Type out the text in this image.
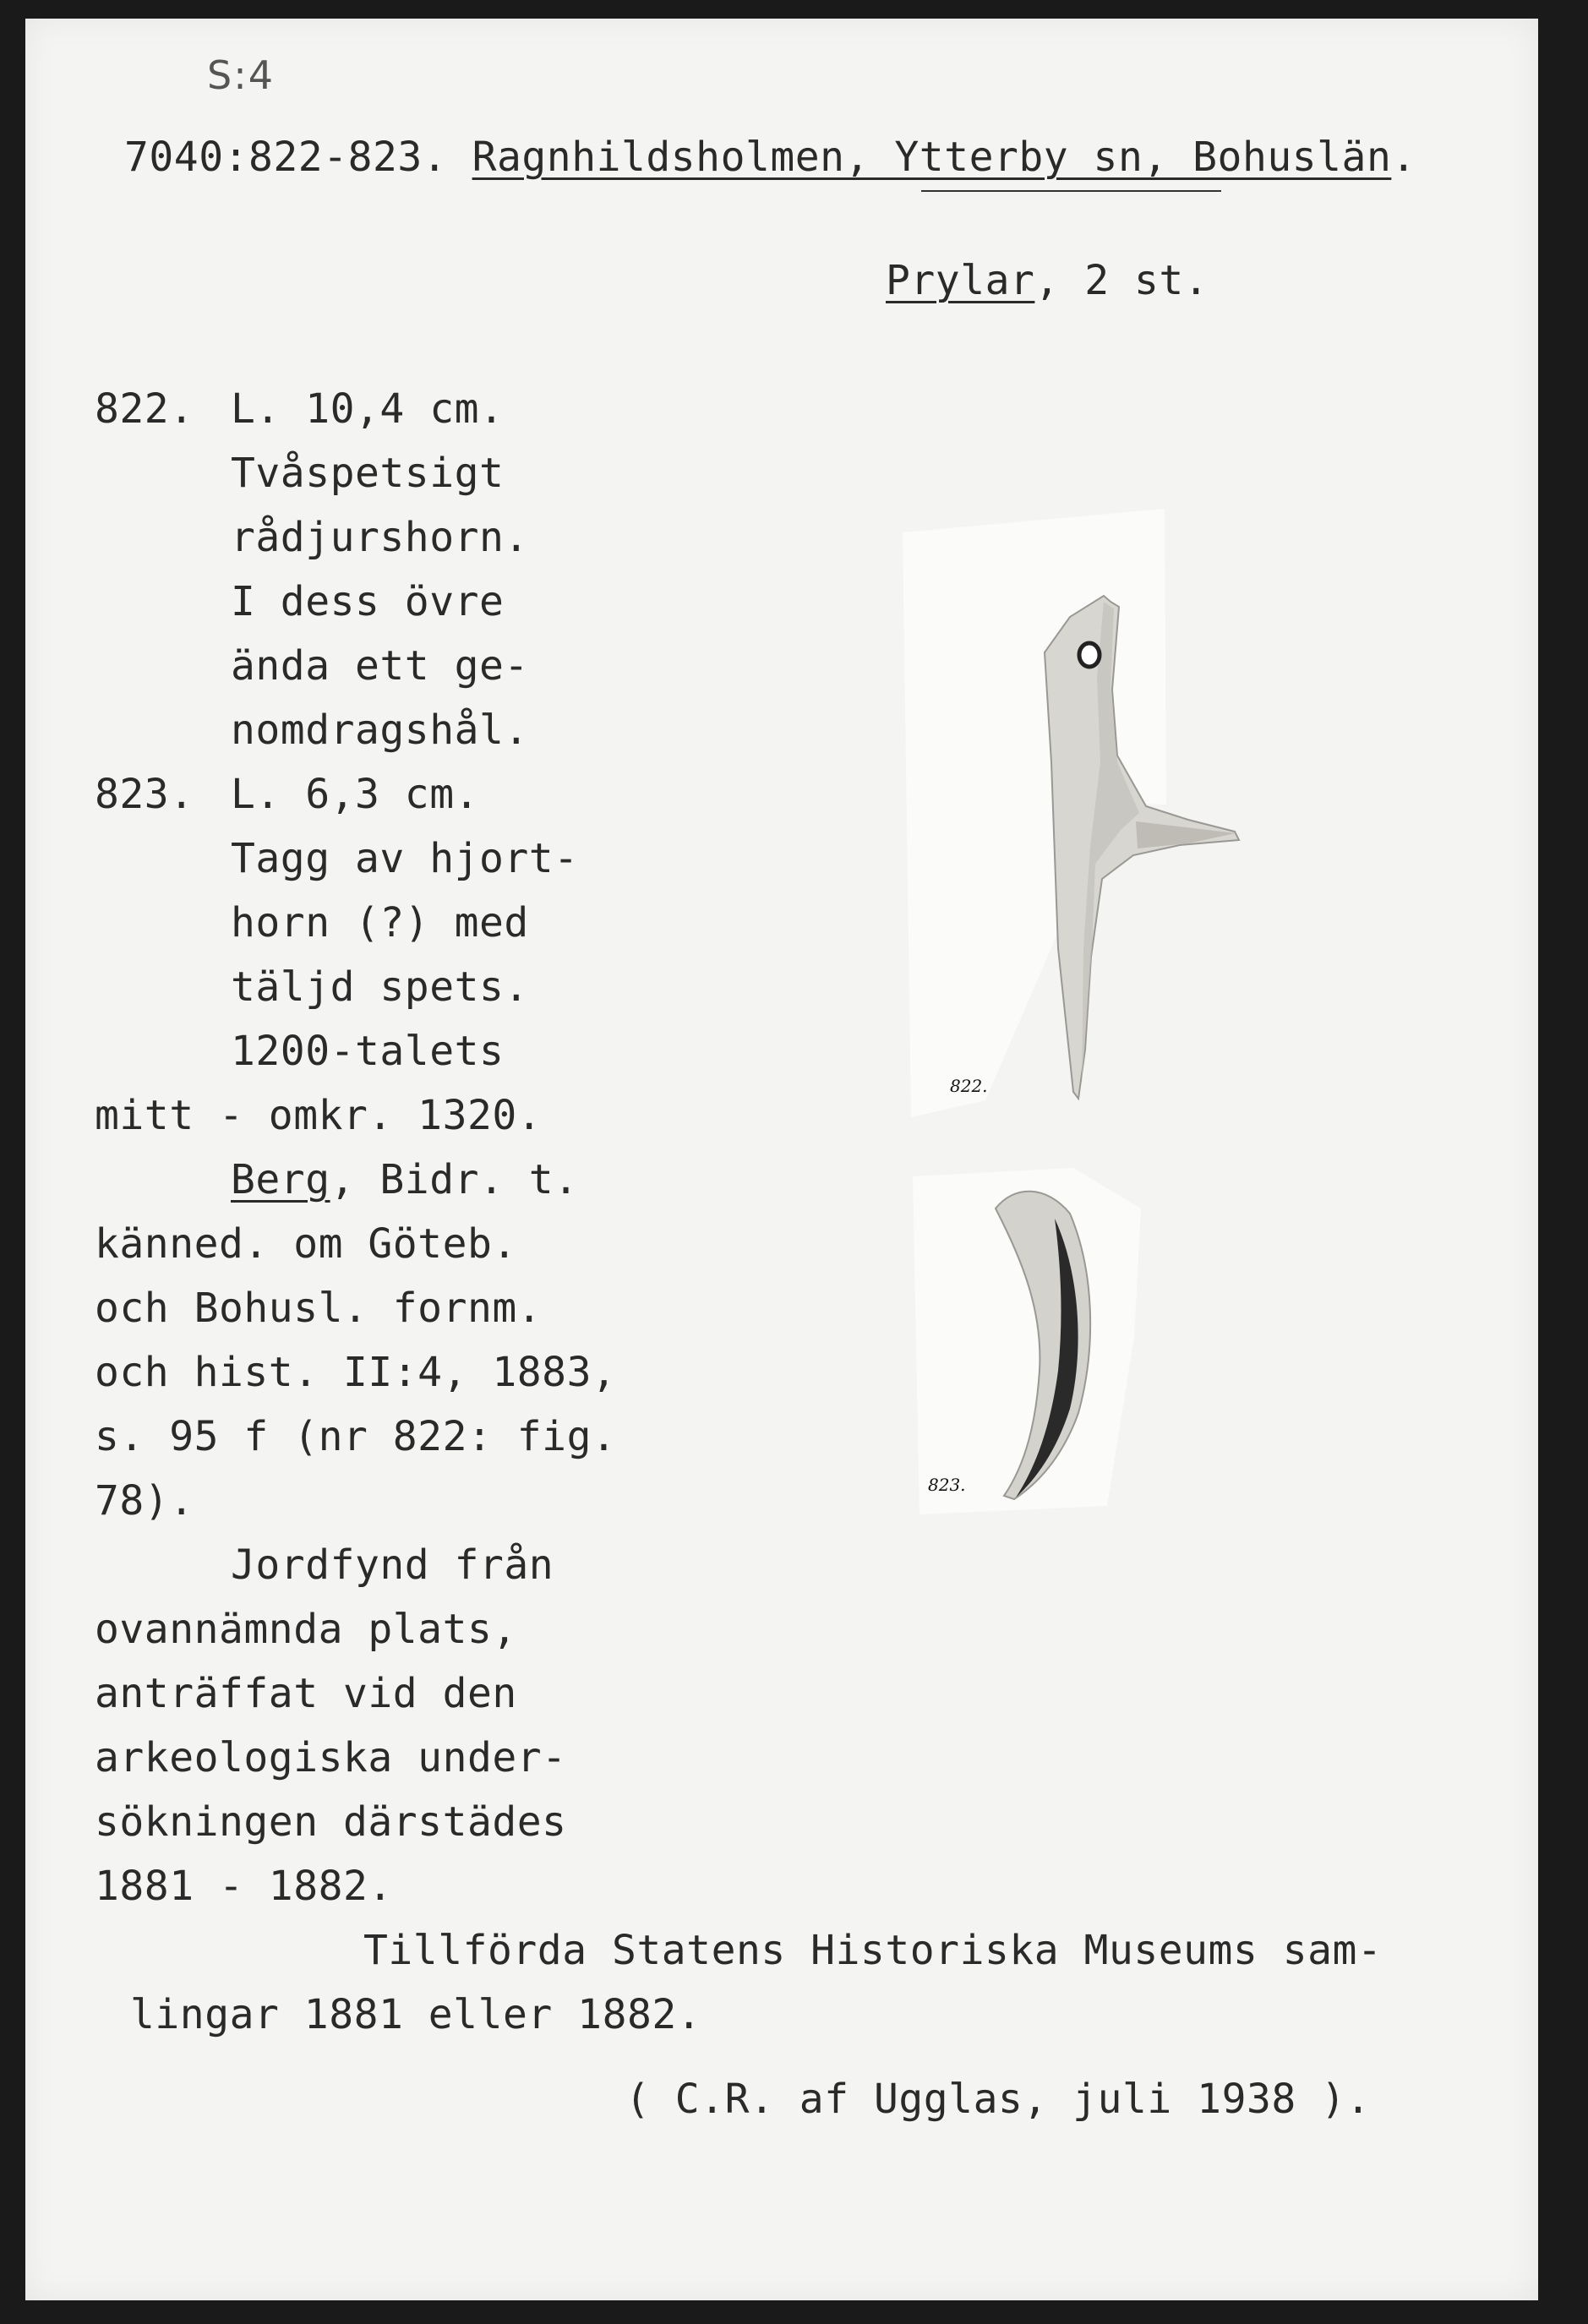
S:4
7040:822-823. Ragnhildsholmen, Ytterby sn, Bohuslän.
Prylar, 2 st.
822. L. 10,4 cm.
Tvåspetsigt
rådjurshorn.
I dess övre
ända ett ge-
nomdragshål.
823. L. 6,3 cm.
Tagg av hjort-
horn (?) med
täljd spets.
1200-talets
mitt - omkr. 1320.
Berg, Bidr. t.
känned. om Göteb.
och Bohusl. fornm.
och hist. II:4, 1883,
s. 95 f (nr 822: fig.
78).
Jordfynd från
ovannämnda plats,
anträffat vid den
arkeologiska under-
sökningen därstädes
1881 - 1882.
Tillförda Statens Historiska Museums sam-
lingar 1881 eller 1882.
( C.R. af Ugglas, juli 1938 ).
822.
823.
